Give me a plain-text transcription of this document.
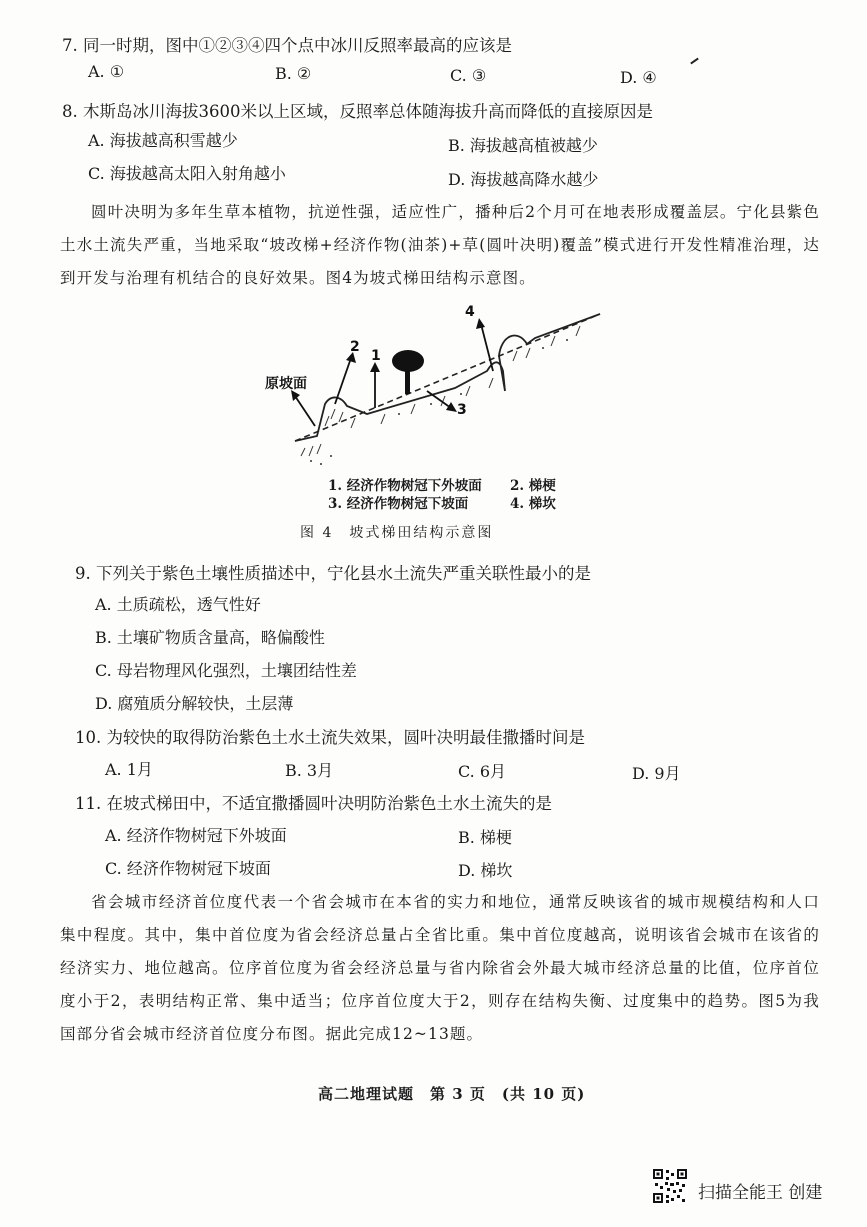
7. 同一时期，图中①②③④四个点中冰川反照率最高的应该是
A. ①	B. ②	C. ③	D. ④
8. 木斯岛冰川海拔3600米以上区域，反照率总体随海拔升高而降低的直接原因是
A. 海拔越高积雪越少	B. 海拔越高植被越少
C. 海拔越高太阳入射角越小	D. 海拔越高降水越少

圆叶决明为多年生草本植物，抗逆性强，适应性广，播种后2个月可在地表形成覆盖层。宁化县紫色土水土流失严重，当地采取“坡改梯+经济作物(油茶)+草(圆叶决明)覆盖”模式进行开发性精准治理，达到开发与治理有机结合的良好效果。图4为坡式梯田结构示意图。

2
1
3
4
原坡面
1. 经济作物树冠下外坡面 2. 梯梗
3. 经济作物树冠下坡面	4. 梯坎
图 4　坡式梯田结构示意图
9. 下列关于紫色土壤性质描述中，宁化县水土流失严重关联性最小的是
A. 土质疏松，透气性好
B. 土壤矿物质含量高，略偏酸性
C. 母岩物理风化强烈，土壤团结性差
D. 腐殖质分解较快，土层薄
10. 为较快的取得防治紫色土水土流失效果，圆叶决明最佳撒播时间是
A. 1月	B. 3月	C. 6月	D. 9月
11. 在坡式梯田中，不适宜撒播圆叶决明防治紫色土水土流失的是
A. 经济作物树冠下外坡面	B. 梯梗
C. 经济作物树冠下坡面	D. 梯坎

省会城市经济首位度代表一个省会城市在本省的实力和地位，通常反映该省的城市规模结构和人口集中程度。其中，集中首位度为省会经济总量占全省比重。集中首位度越高，说明该省会城市在该省的经济实力、地位越高。位序首位度为省会经济总量与省内除省会外最大城市经济总量的比值，位序首位度小于2，表明结构正常、集中适当；位序首位度大于2，则存在结构失衡、过度集中的趋势。图5为我国部分省会城市经济首位度分布图。据此完成12~13题。

高二地理试题　第 3 页　(共 10 页)
扫描全能王 创建
